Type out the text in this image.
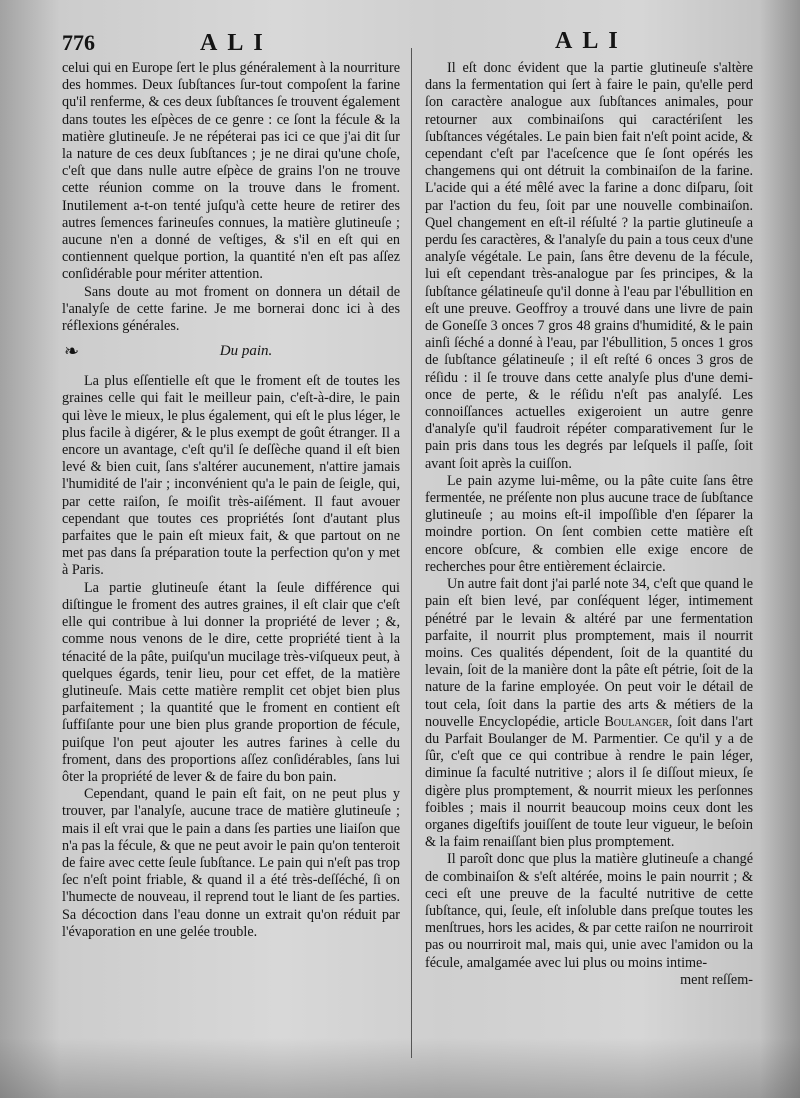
776	ALI	ALI

celui qui en Europe ſert le plus généralement à la nourriture des hommes. Deux ſubſtances ſur-tout compoſent la farine qu'il renferme, & ces deux ſubſtances ſe trouvent également dans toutes les eſpèces de ce genre : ce ſont la fécule & la matière glutineuſe. Je ne répéterai pas ici ce que j'ai dit ſur la nature de ces deux ſubſtances ; je ne dirai qu'une choſe, c'eſt que dans nulle autre eſpèce de grains l'on ne trouve cette réunion comme on la trouve dans le froment. Inutilement a-t-on tenté juſqu'à cette heure de retirer des autres ſemences farineuſes connues, la matière glutineuſe ; aucune n'en a donné de veſtiges, & s'il en eſt qui en contiennent quelque portion, la quantité n'en eſt pas aſſez conſidérable pour mériter attention.

Sans doute au mot froment on donnera un détail de l'analyſe de cette farine. Je me bornerai donc ici à des réflexions générales.

❧	Du pain.

La plus eſſentielle eſt que le froment eſt de toutes les graines celle qui fait le meilleur pain, c'eſt-à-dire, le pain qui lève le mieux, le plus également, qui eſt le plus léger, le plus facile à digérer, & le plus exempt de goût étranger. Il a encore un avantage, c'eſt qu'il ſe deſſèche quand il eſt bien levé & bien cuit, ſans s'altérer aucunement, n'attire jamais l'humidité de l'air ; inconvénient qu'a le pain de ſeigle, qui, par cette raiſon, ſe moiſit très-aiſément. Il faut avouer cependant que toutes ces propriétés ſont d'autant plus parfaites que le pain eſt mieux fait, & que partout on ne met pas dans ſa préparation toute la perfection qu'on y met à Paris.

La partie glutineuſe étant la ſeule différence qui diſtingue le froment des autres graines, il eſt clair que c'eſt elle qui contribue à lui donner la propriété de lever ; &, comme nous venons de le dire, cette propriété tient à la ténacité de la pâte, puiſqu'un mucilage très-viſqueux peut, à quelques égards, tenir lieu, pour cet effet, de la matière glutineuſe. Mais cette matière remplit cet objet bien plus parfaitement ; la quantité que le froment en contient eſt ſuffiſante pour une bien plus grande proportion de fécule, puiſque l'on peut ajouter les autres farines à celle du froment, dans des proportions aſſez conſidérables, ſans lui ôter la propriété de lever & de faire du bon pain.

Cependant, quand le pain eſt fait, on ne peut plus y trouver, par l'analyſe, aucune trace de matière glutineuſe ; mais il eſt vrai que le pain a dans ſes parties une liaiſon que n'a pas la fécule, & que ne peut avoir le pain qu'on tenteroit de faire avec cette ſeule ſubſtance. Le pain qui n'eſt pas trop ſec n'eſt point friable, & quand il a été très-deſſéché, ſi on l'humecte de nouveau, il reprend tout le liant de ſes parties. Sa décoction dans l'eau donne un extrait qu'on réduit par l'évaporation en une gelée trouble.

Il eſt donc évident que la partie glutineuſe s'altère dans la fermentation qui ſert à faire le pain, qu'elle perd ſon caractère analogue aux ſubſtances animales, pour retourner aux combinaiſons qui caractériſent les ſubſtances végétales. Le pain bien fait n'eſt point acide, & cependant c'eſt par l'aceſcence que ſe ſont opérés les changemens qui ont détruit la combinaiſon de la farine. L'acide qui a été mêlé avec la farine a donc diſparu, ſoit par l'action du feu, ſoit par une nouvelle combinaiſon. Quel changement en eſt-il réſulté ? la partie glutineuſe a perdu ſes caractères, & l'analyſe du pain a tous ceux d'une analyſe végétale. Le pain, ſans être devenu de la fécule, lui eſt cependant très-analogue par ſes principes, & la ſubſtance gélatineuſe qu'il donne à l'eau par l'ébullition en eſt une preuve. Geoffroy a trouvé dans une livre de pain de Goneſſe 3 onces 7 gros 48 grains d'humidité, & le pain ainſi ſéché a donné à l'eau, par l'ébullition, 5 onces 1 gros de ſubſtance gélatineuſe ; il eſt reſté 6 onces 3 gros de réſidu : il ſe trouve dans cette analyſe plus d'une demi-once de perte, & le réſidu n'eſt pas analyſé. Les connoiſſances actuelles exigeroient un autre genre d'analyſe qu'il faudroit répéter comparativement ſur le pain pris dans tous les degrés par leſquels il paſſe, ſoit avant ſoit après la cuiſſon.

Le pain azyme lui-même, ou la pâte cuite ſans être fermentée, ne préſente non plus aucune trace de ſubſtance glutineuſe ; au moins eſt-il impoſſible d'en ſéparer la moindre portion. On ſent combien cette matière eſt encore obſcure, & combien elle exige encore de recherches pour être entièrement éclaircie.

Un autre fait dont j'ai parlé note 34, c'eſt que quand le pain eſt bien levé, par conſéquent léger, intimement pénétré par le levain & altéré par une fermentation parfaite, il nourrit plus promptement, mais il nourrit moins. Ces qualités dépendent, ſoit de la quantité du levain, ſoit de la manière dont la pâte eſt pétrie, ſoit de la nature de la farine employée. On peut voir le détail de tout cela, ſoit dans la partie des arts & métiers de la nouvelle Encyclopédie, article Boulanger, ſoit dans l'art du Parfait Boulanger de M. Parmentier. Ce qu'il y a de ſûr, c'eſt que ce qui contribue à rendre le pain léger, diminue ſa faculté nutritive ; alors il ſe diſſout mieux, ſe digère plus promptement, & nourrit mieux les perſonnes foibles ; mais il nourrit beaucoup moins ceux dont les organes digeſtifs jouiſſent de toute leur vigueur, le beſoin & la faim renaiſſant bien plus promptement.

Il paroît donc que plus la matière glutineuſe a changé de combinaiſon & s'eſt altérée, moins le pain nourrit ; & ceci eſt une preuve de la faculté nutritive de cette ſubſtance, qui, ſeule, eſt inſoluble dans preſque toutes les menſtrues, hors les acides, & par cette raiſon ne nourriroit pas ou nourriroit mal, mais qui, unie avec l'amidon ou la fécule, amalgamée avec lui plus ou moins intime-
ment reſſem-
